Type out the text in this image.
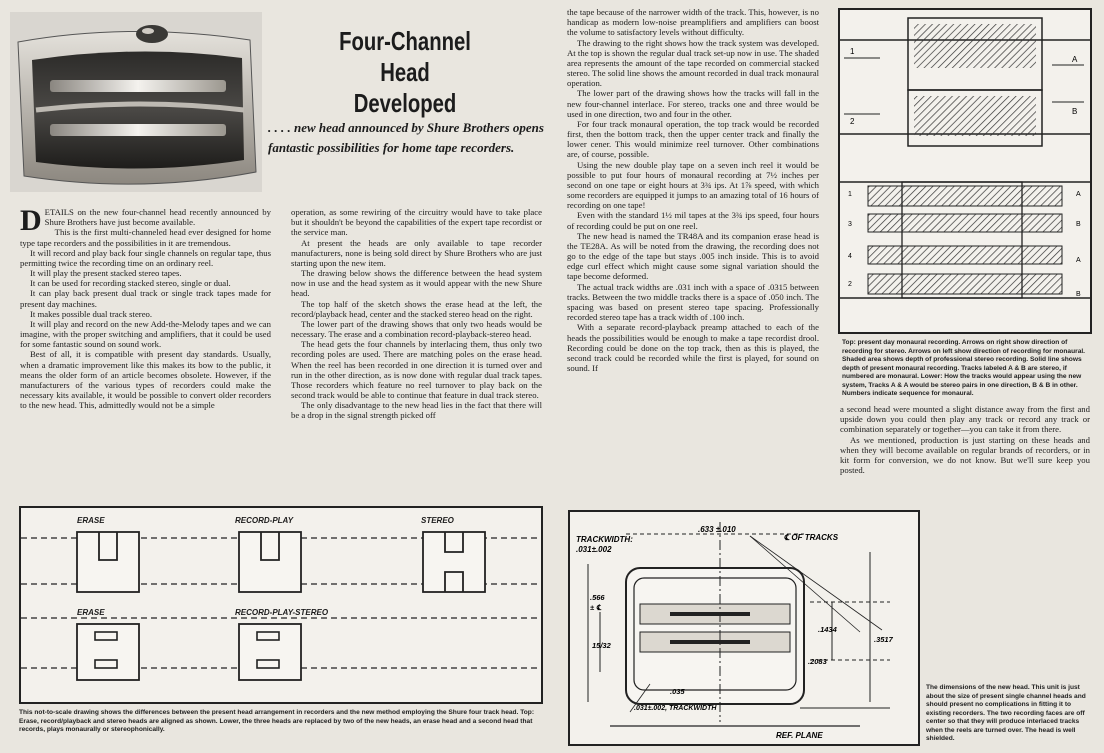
Four-Channel Head
Developed
. . . . new head announced by Shure Brothers opens fantastic possibilities for home tape recorders.

DETAILS on the new four-channel head recently announced by Shure Brothers have just become available.

This is the first multi-channeled head ever designed for home type tape recorders and the possibilities in it are tremendous.

It will record and play back four single channels on regular tape, thus permitting twice the recording time on an ordinary reel.

It will play the present stacked stereo tapes.

It can be used for recording stacked stereo, single or dual.

It can play back present dual track or single track tapes made for present day machines.

It makes possible dual track stereo.

It will play and record on the new Add-the-Melody tapes and we can imagine, with the proper switching and amplifiers, that it could be used for some fantastic sound on sound work.

Best of all, it is compatible with present day standards. Usually, when a dramatic improvement like this makes its bow to the public, it means the older form of an article becomes obsolete. However, if the manufacturers of the various types of recorders could make the necessary kits available, it would be possible to convert older recorders to the new head. This, admittedly would not be a simple

operation, as some rewiring of the circuitry would have to take place but it shouldn't be beyond the capabilities of the expert tape recordist or the service man.

At present the heads are only available to tape recorder manufacturers, none is being sold direct by Shure Brothers who are just starting upon the new item.

The drawing below shows the difference between the head system now in use and the head system as it would appear with the new Shure head.

The top half of the sketch shows the erase head at the left, the record/playback head, center and the stacked stereo head on the right.

The lower part of the drawing shows that only two heads would be necessary. The erase and a combination record-playback-stereo head.

The head gets the four channels by interlacing them, thus only two recording poles are used. There are matching poles on the erase head. When the reel has been recorded in one direction it is turned over and run in the other direction, as is now done with regular dual track tapes. Those recorders which feature no reel turnover to play back on the second track would be able to continue that feature in dual track stereo.

The only disadvantage to the new head lies in the fact that there will be a drop in the signal strength picked off

the tape because of the narrower width of the track. This, however, is no handicap as modern low-noise preamplifiers and amplifiers can boost the volume to satisfactory levels without difficulty.

The drawing to the right shows how the track system was developed. At the top is shown the regular dual track set-up now in use. The shaded area represents the amount of the tape recorded on commercial stacked stereo. The solid line shows the amount recorded in dual track monaural operation.

The lower part of the drawing shows how the tracks will fall in the new four-channel interlace. For stereo, tracks one and three would be used in one direction, two and four in the other.

For four track monaural operation, the top track would be recorded first, then the bottom track, then the upper center track and finally the lower cener. This would minimize reel turnover. Other combinations are, of course, possible.

Using the new double play tape on a seven inch reel it would be possible to put four hours of monaural recording at 7½ inches per second on one tape or eight hours at 3¾ ips. At 1⅞ speed, with which some recorders are equipped it jumps to an amazing total of 16 hours of recording on one tape!

Even with the standard 1½ mil tapes at the 3¾ ips speed, four hours of recording could be put on one reel.

The new head is named the TR48A and its companion erase head is the TE28A. As will be noted from the drawing, the recording does not go to the edge of the tape but stays .005 inch inside. This is to avoid edge curl effect which might cause some signal variation should the tape become deformed.

The actual track widths are .031 inch with a space of .0315 between tracks. Between the two middle tracks there is a space of .050 inch. The spacing was based on present stereo tape spacing. Professionally recorded stereo tape has a track width of .100 inch.

With a separate record-playback preamp attached to each of the heads the possibilities would be enough to make a tape recordist drool. Recording could be done on the top track, then as this is played, the second track could be recorded while the first is played, for sound on sound. If

1
2
A
B
1
3
4
2
A
A
B
B
Top: present day monaural recording. Arrows on right show direction of recording for stereo. Arrows on left show direction of recording for monaural. Shaded area shows depth of professional stereo recording. Solid line shows depth of present monaural recording. Tracks labeled A & B are stereo, if numbered are monaural. Lower: How the tracks would appear using the new system, Tracks A & A would be stereo pairs in one direction, B & B in other. Numbers indicate sequence for monaural.

a second head were mounted a slight distance away from the first and upside down you could then play any track or record any track or combination separately or together—you can take it from there.

As we mentioned, production is just starting on these heads and when they will become available on regular brands of recorders, or in kit form for conversion, we do not know. But we'll sure keep you posted.

ERASE	RECORD-PLAY	STEREO
ERASE	RECORD-PLAY-STEREO
This not-to-scale drawing shows the differences between the present head arrangement in recorders and the new method employing the Shure four track head. Top: Erase, record/playback and stereo heads are aligned as shown. Lower, the three heads are replaced by two of the new heads, an erase head and a second head that records, plays monaurally or stereophonically.
TRACKWIDTH:
.031±.002
.633 ±.010
℄ OF TRACKS
.566
± ℄
15/32
.1434
.3517
.2083
.035
.031±.002, TRACKWIDTH
REF. PLANE
The dimensions of the new head. This unit is just about the size of present single channel heads and should present no complications in fitting it to existing recorders. The two recording faces are off center so that they will produce interlaced tracks when the reels are turned over. The head is well shielded.
